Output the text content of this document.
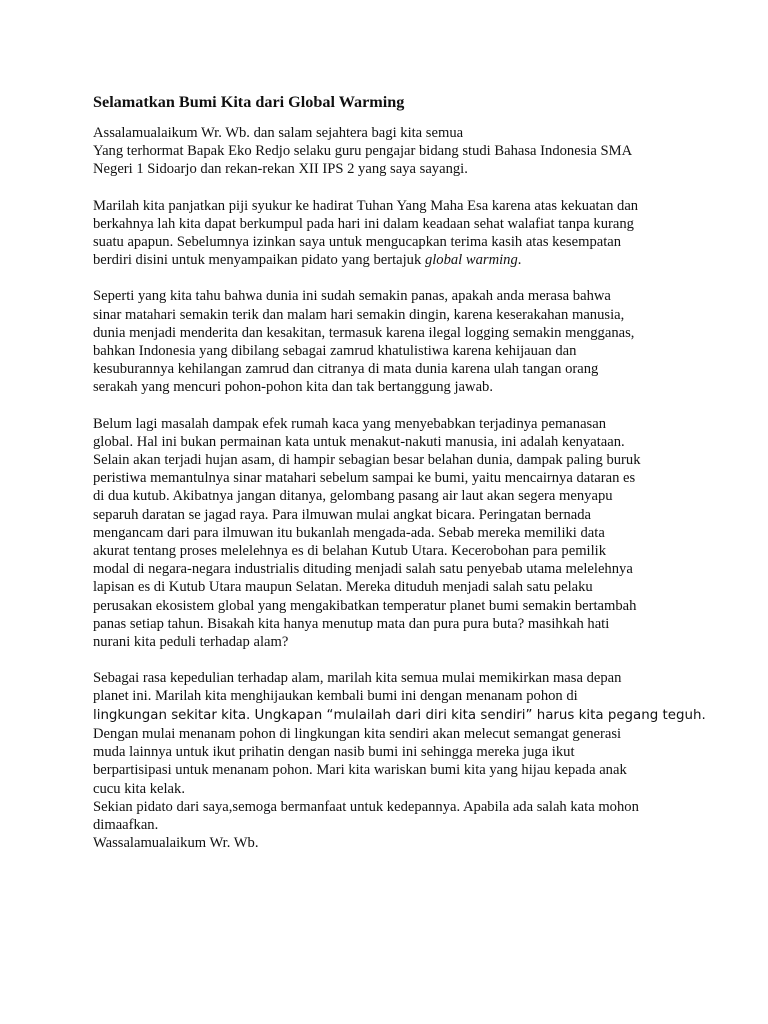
Selamatkan Bumi Kita dari Global Warming
Assalamualaikum Wr. Wb. dan salam sejahtera bagi kita semua
Yang terhormat Bapak Eko Redjo selaku guru pengajar bidang studi Bahasa Indonesia SMA
Negeri 1 Sidoarjo dan rekan-rekan XII IPS 2 yang saya sayangi.
Marilah kita panjatkan piji syukur ke hadirat Tuhan Yang Maha Esa karena atas kekuatan dan
berkahnya lah kita dapat berkumpul pada hari ini dalam keadaan sehat walafiat tanpa kurang
suatu apapun. Sebelumnya izinkan saya untuk mengucapkan terima kasih atas kesempatan
berdiri disini untuk menyampaikan pidato yang bertajuk global warming.
Seperti yang kita tahu bahwa dunia ini sudah semakin panas, apakah anda merasa bahwa
sinar matahari semakin terik dan malam hari semakin dingin, karena keserakahan manusia,
dunia menjadi menderita dan kesakitan, termasuk karena ilegal logging semakin mengganas,
bahkan Indonesia yang dibilang sebagai zamrud khatulistiwa karena kehijauan dan
kesuburannya kehilangan zamrud dan citranya di mata dunia karena ulah tangan orang
serakah yang mencuri pohon-pohon kita dan tak bertanggung jawab.
Belum lagi masalah dampak efek rumah kaca yang menyebabkan terjadinya pemanasan
global. Hal ini bukan permainan kata untuk menakut-nakuti manusia, ini adalah kenyataan.
Selain akan terjadi hujan asam, di hampir sebagian besar belahan dunia, dampak paling buruk
peristiwa memantulnya sinar matahari sebelum sampai ke bumi, yaitu mencairnya dataran es
di dua kutub. Akibatnya jangan ditanya, gelombang pasang air laut akan segera menyapu
separuh daratan se jagad raya. Para ilmuwan mulai angkat bicara. Peringatan bernada
mengancam dari para ilmuwan itu bukanlah mengada-ada. Sebab mereka memiliki data
akurat tentang proses melelehnya es di belahan Kutub Utara. Kecerobohan para pemilik
modal di negara-negara industrialis dituding menjadi salah satu penyebab utama melelehnya
lapisan es di Kutub Utara maupun Selatan. Mereka dituduh menjadi salah satu pelaku
perusakan ekosistem global yang mengakibatkan temperatur planet bumi semakin bertambah
panas setiap tahun. Bisakah kita hanya menutup mata dan pura pura buta? masihkah hati
nurani kita peduli terhadap alam?
Sebagai rasa kepedulian terhadap alam, marilah kita semua mulai memikirkan masa depan
planet ini. Marilah kita menghijaukan kembali bumi ini dengan menanam pohon di
lingkungan sekitar kita. Ungkapan “mulailah dari diri kita sendiri” harus kita pegang teguh.
Dengan mulai menanam pohon di lingkungan kita sendiri akan melecut semangat generasi
muda lainnya untuk ikut prihatin dengan nasib bumi ini sehingga mereka juga ikut
berpartisipasi untuk menanam pohon. Mari kita wariskan bumi kita yang hijau kepada anak
cucu kita kelak.
Sekian pidato dari saya,semoga bermanfaat untuk kedepannya. Apabila ada salah kata mohon
dimaafkan.
Wassalamualaikum Wr. Wb.
